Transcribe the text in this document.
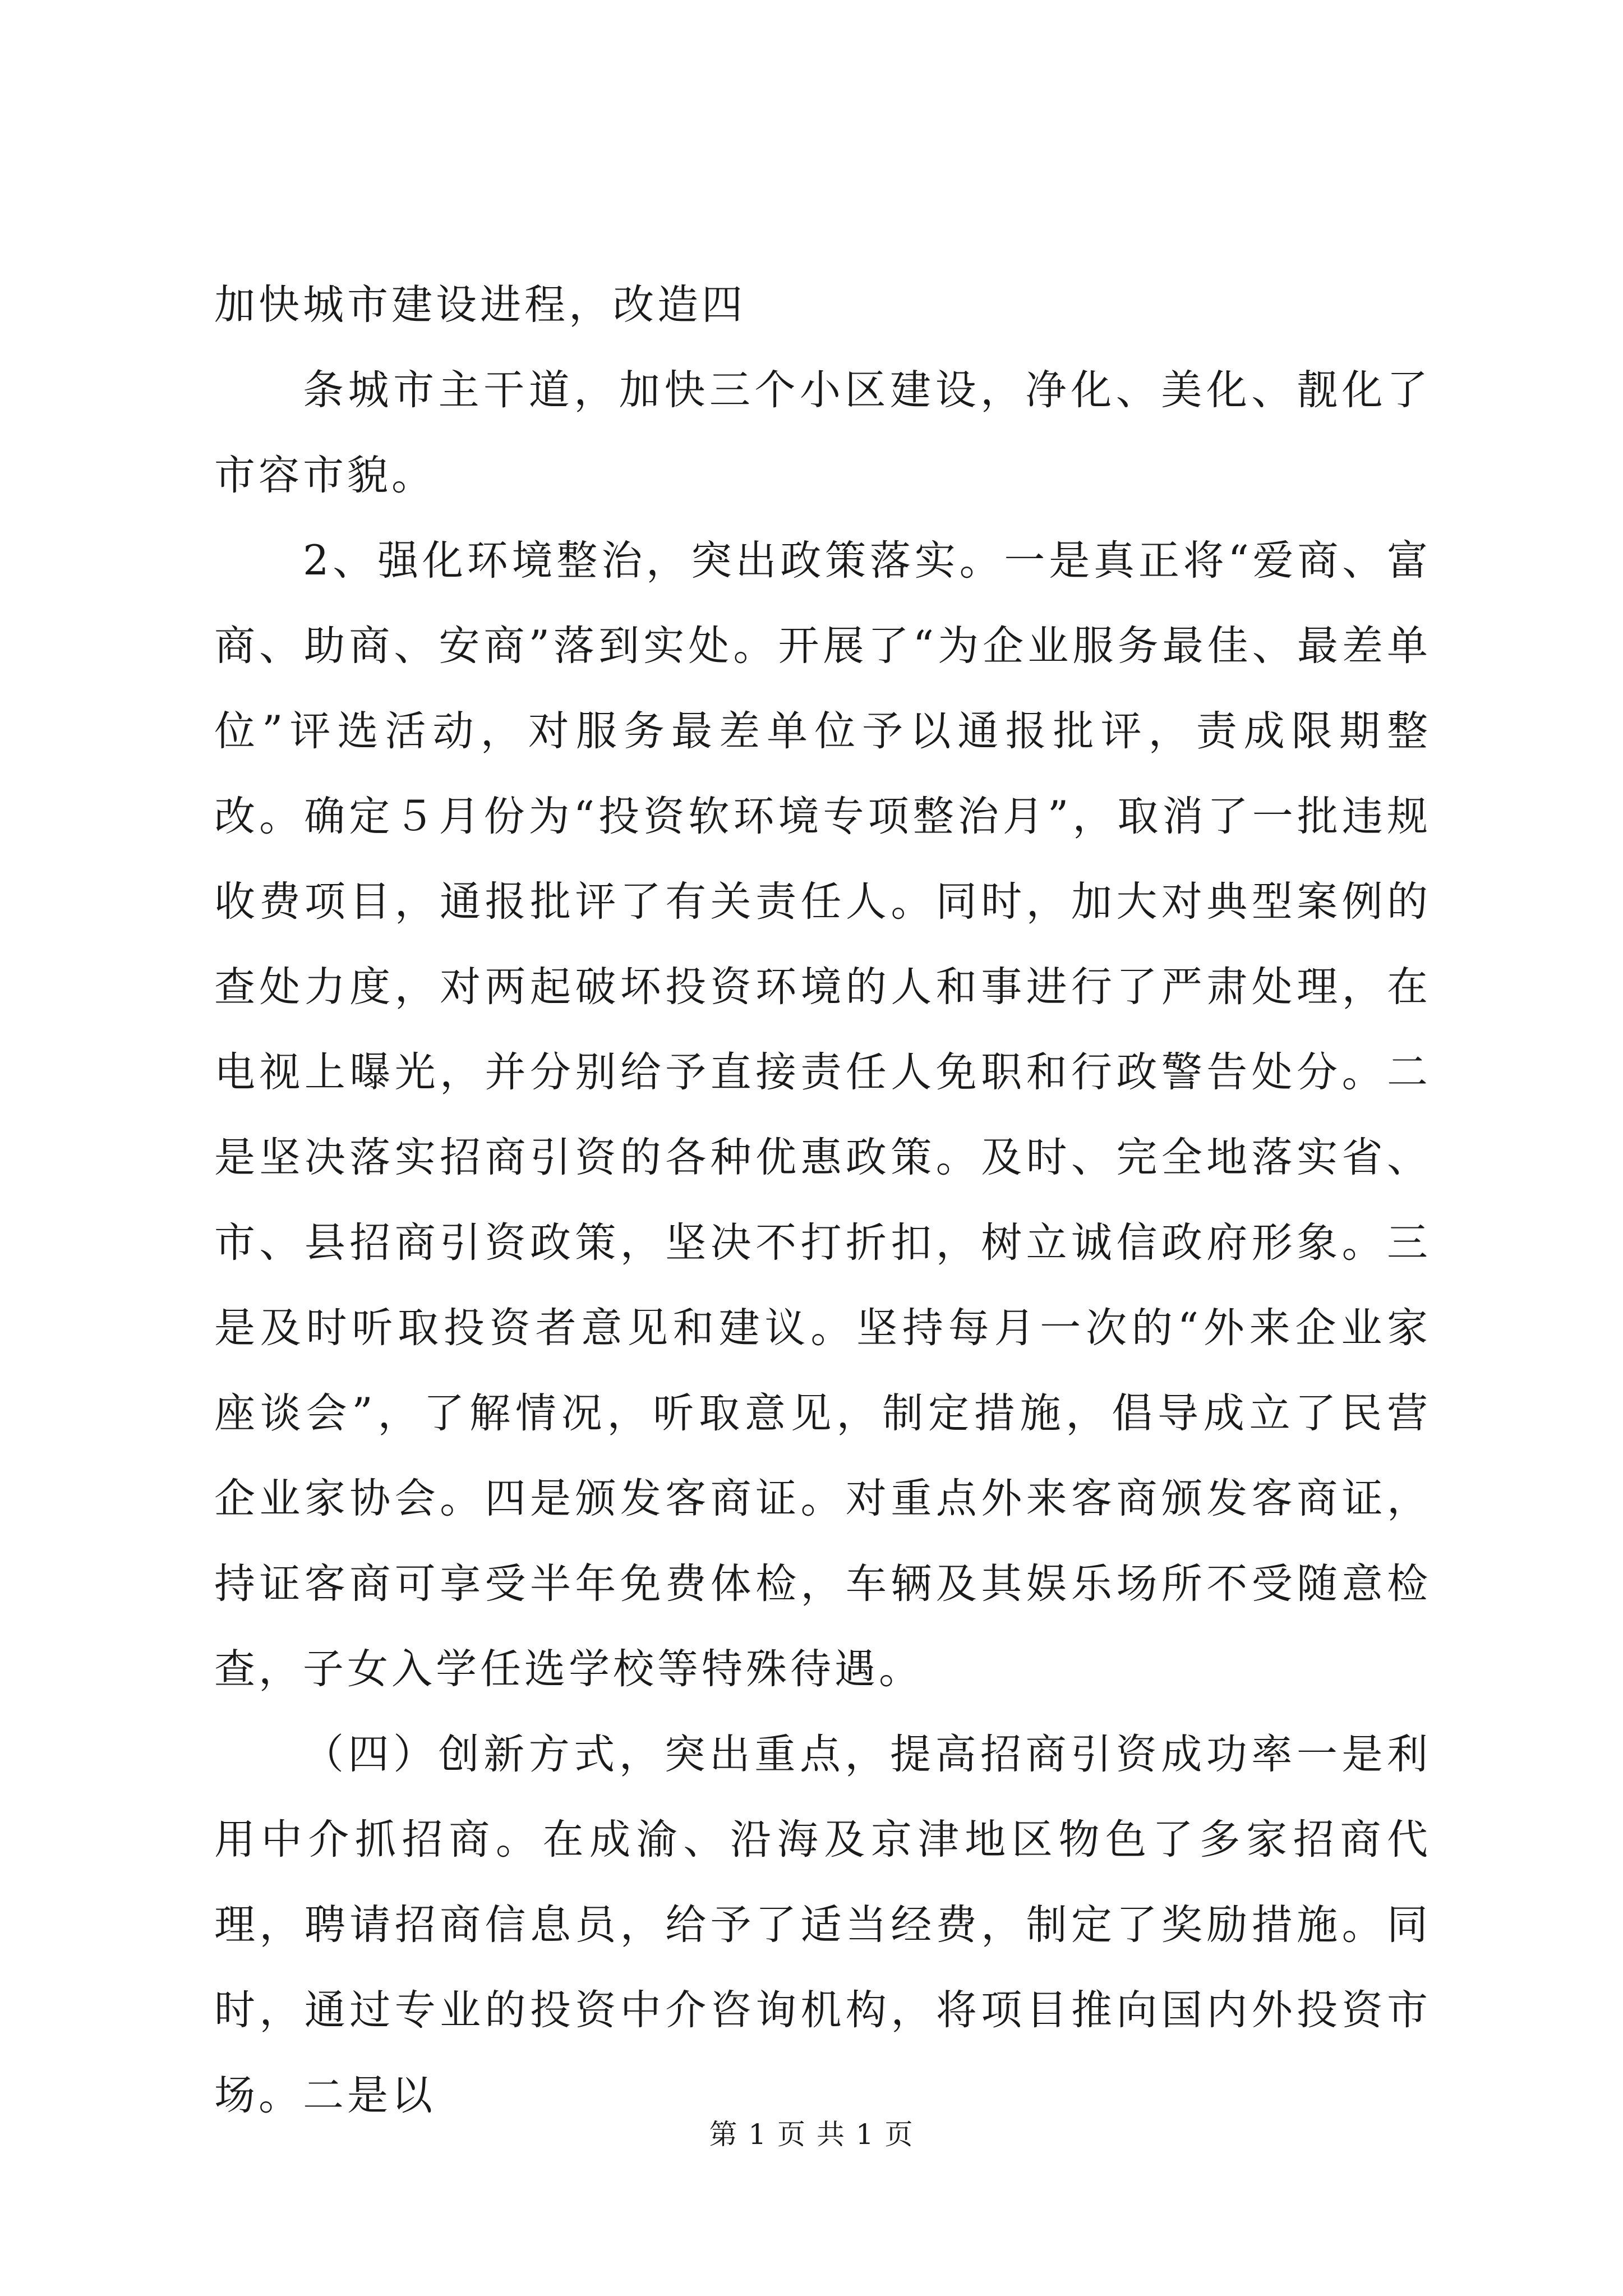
加快城市建设进程，改造四

条城市主干道，加快三个小区建设，净化、美化、靓化了市容市貌。

2、强化环境整治，突出政策落实。一是真正将“爱商、富商、助商、安商”落到实处。开展了“为企业服务最佳、最差单位”评选活动，对服务最差单位予以通报批评，责成限期整改。确定５月份为“投资软环境专项整治月”，取消了一批违规收费项目，通报批评了有关责任人。同时，加大对典型案例的查处力度，对两起破坏投资环境的人和事进行了严肃处理，在电视上曝光，并分别给予直接责任人免职和行政警告处分。二是坚决落实招商引资的各种优惠政策。及时、完全地落实省、市、县招商引资政策，坚决不打折扣，树立诚信政府形象。三是及时听取投资者意见和建议。坚持每月一次的“外来企业家座谈会”，了解情况，听取意见，制定措施，倡导成立了民营企业家协会。四是颁发客商证。对重点外来客商颁发客商证，持证客商可享受半年免费体检，车辆及其娱乐场所不受随意检查，子女入学任选学校等特殊待遇。

（四）创新方式，突出重点，提高招商引资成功率一是利用中介抓招商。在成渝、沿海及京津地区物色了多家招商代理，聘请招商信息员，给予了适当经费，制定了奖励措施。同时，通过专业的投资中介咨询机构，将项目推向国内外投资市场。二是以

第 1 页 共 1 页
